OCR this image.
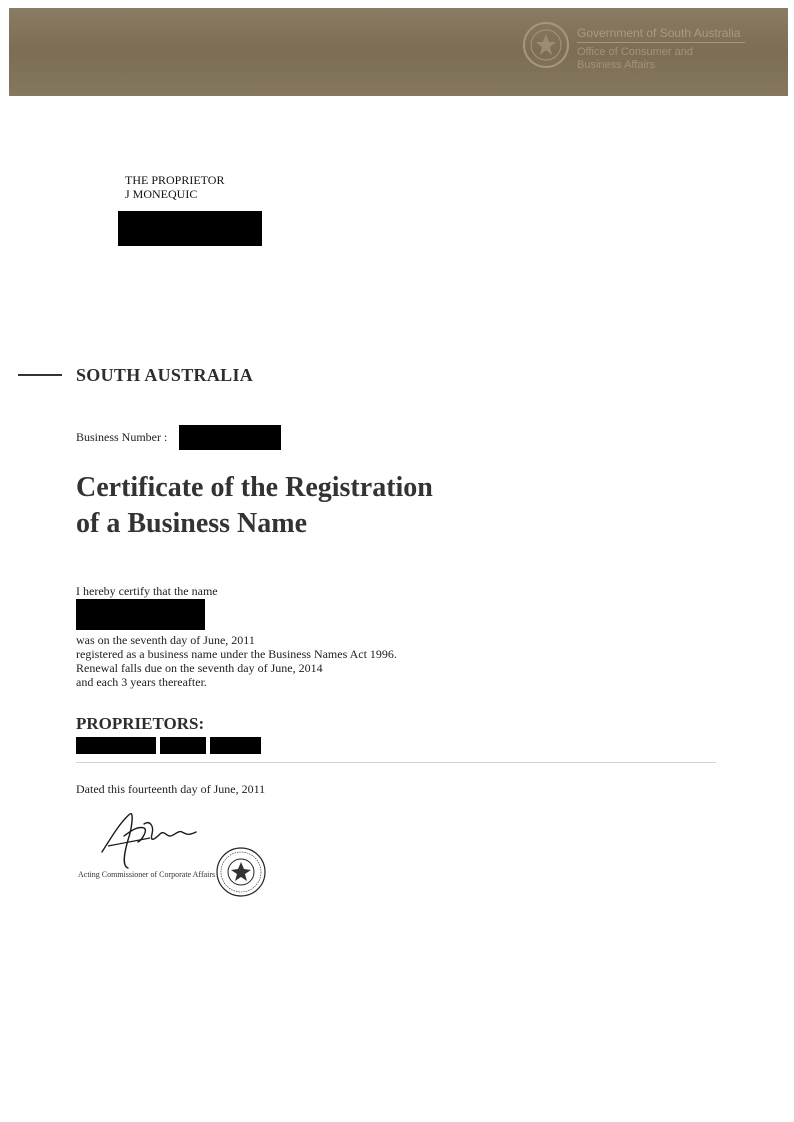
Government of South Australia
Office of Consumer and Business Affairs
THE PROPRIETOR
J MONEQUIC
SOUTH AUSTRALIA
Business Number :
Certificate of the Registration
of a Business Name
I hereby certify that the name
was on the seventh day of June, 2011
registered as a business name under the Business Names Act 1996.
Renewal falls due on the seventh day of June, 2014
and each 3 years thereafter.
PROPRIETORS:
Dated this fourteenth day of June, 2011
Acting Commissioner of Corporate Affairs
